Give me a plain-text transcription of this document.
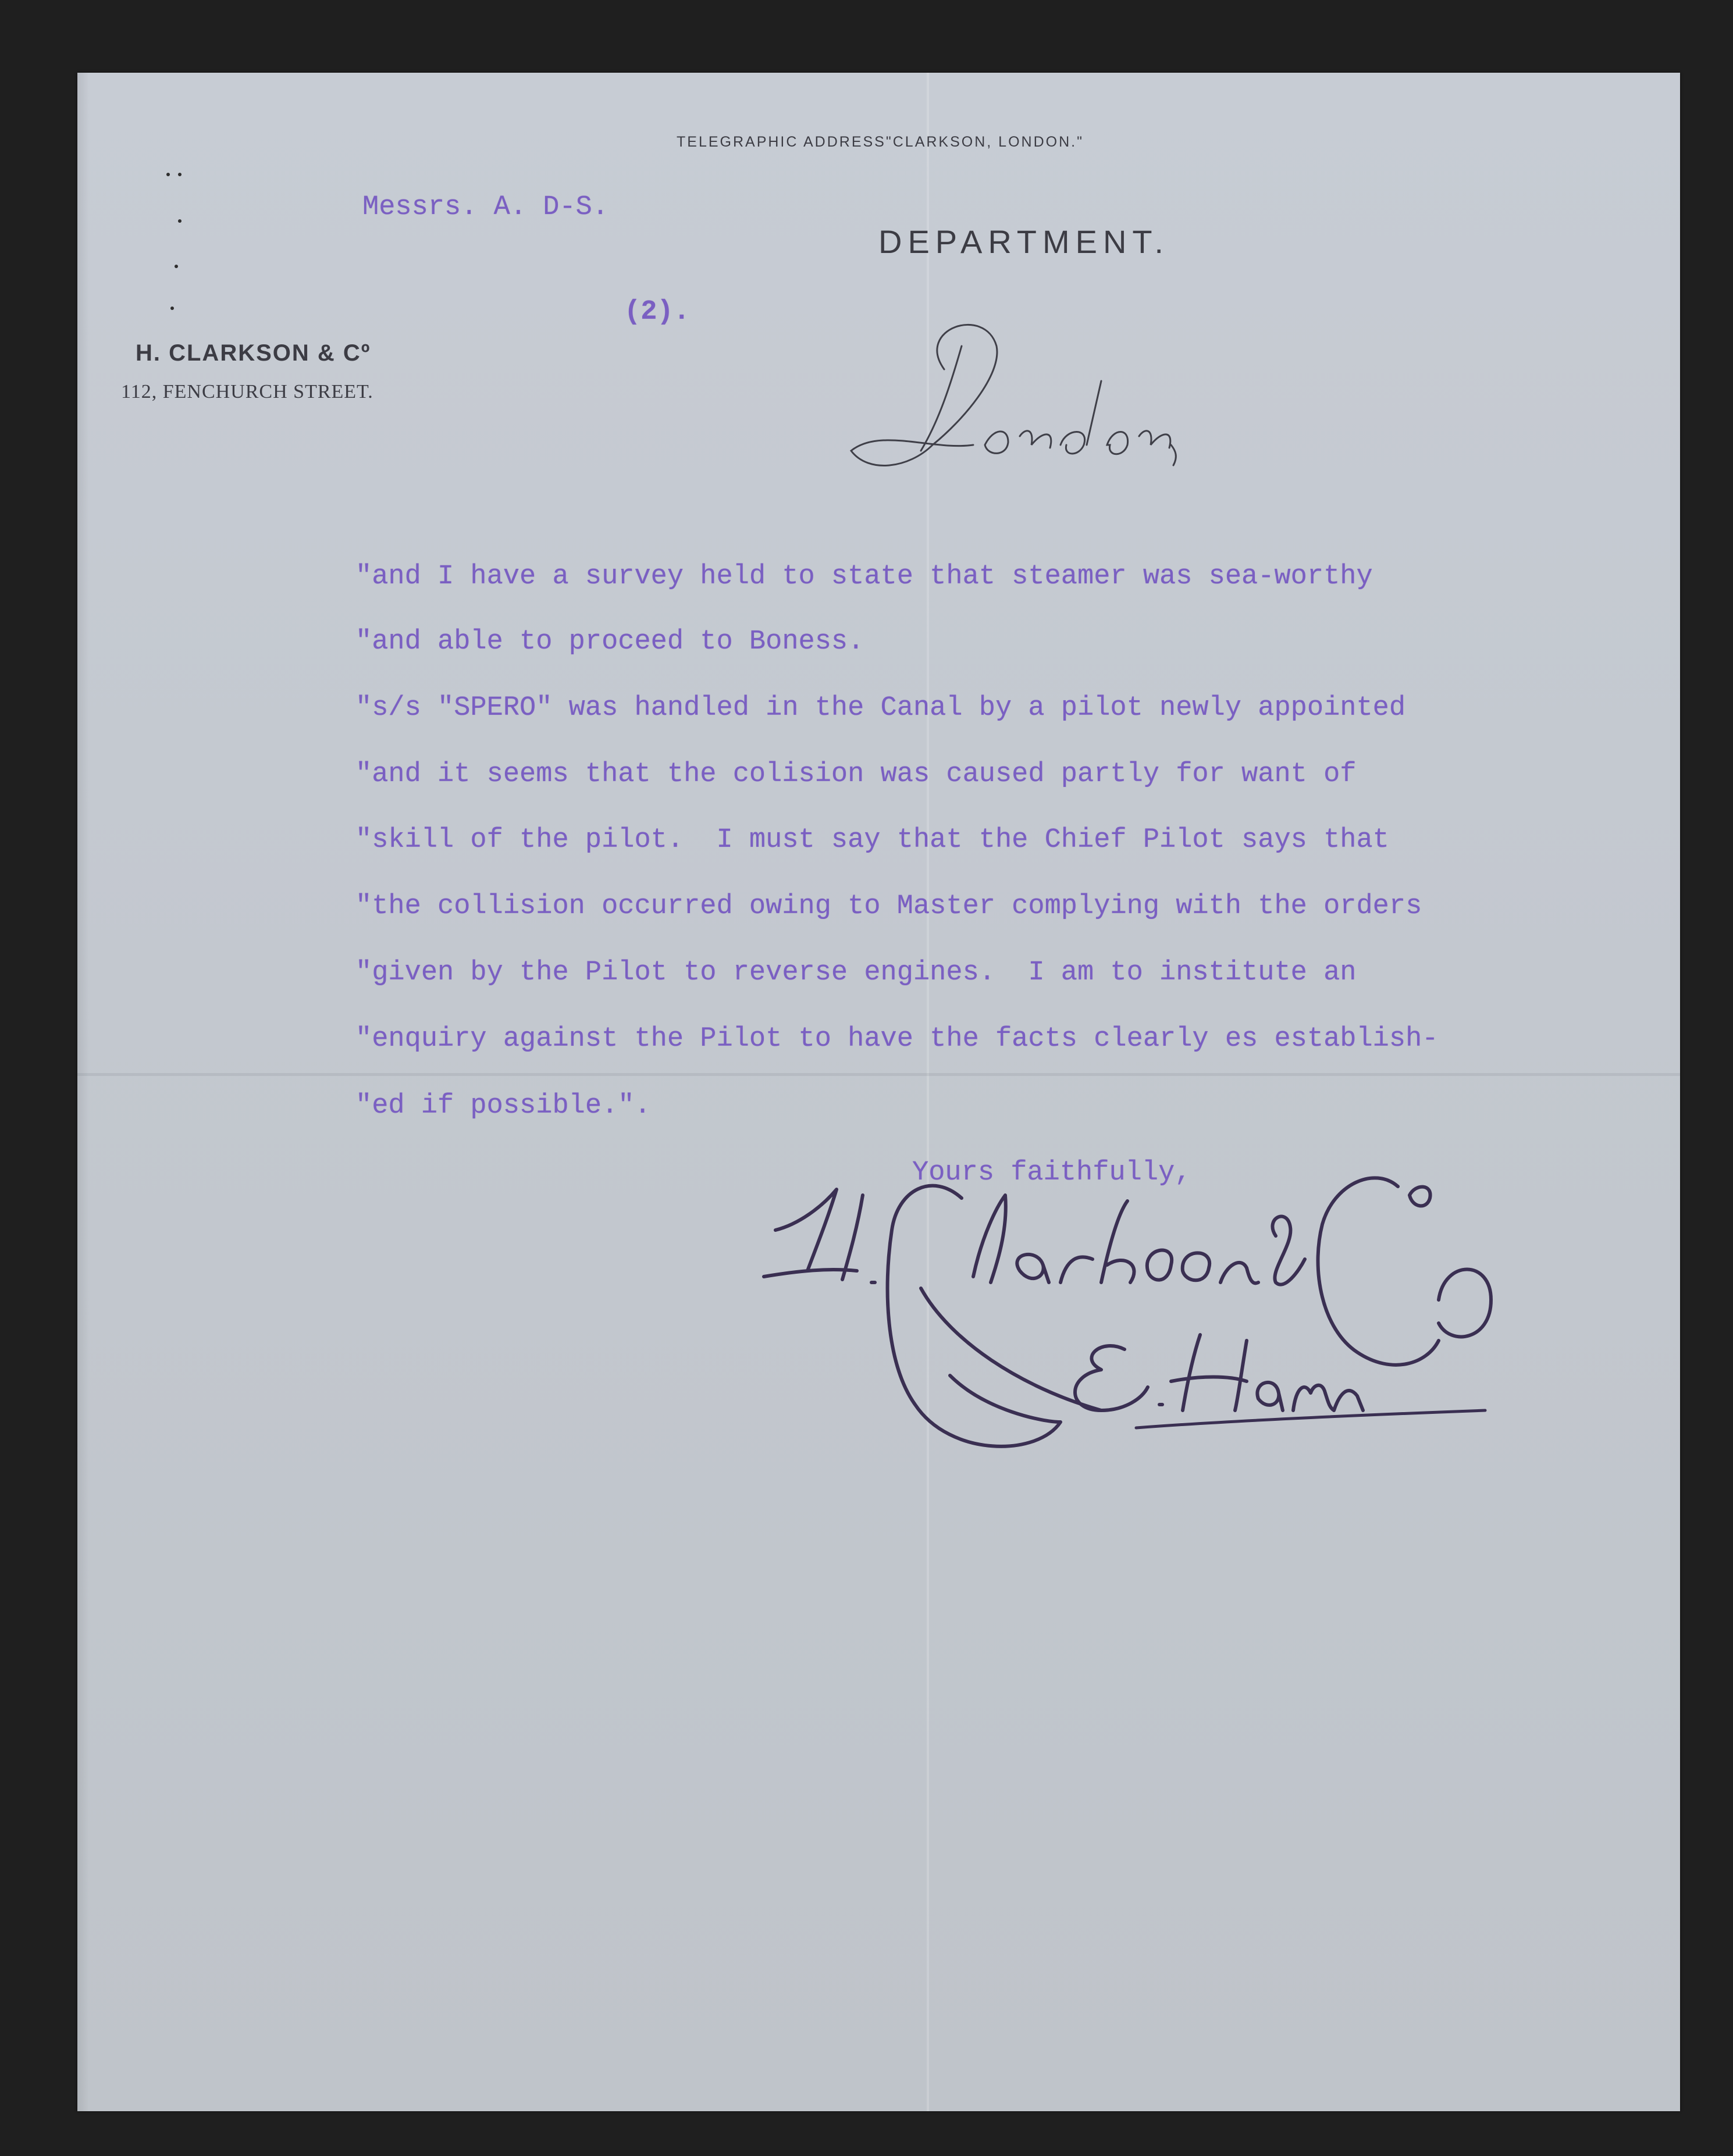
TELEGRAPHIC ADDRESS"CLARKSON, LONDON."
DEPARTMENT.
H. CLARKSON & Cº
112, FENCHURCH STREET.
Messrs. A. D-S.
(2).
"and I have a survey held to state that steamer was sea-worthy
"and able to proceed to Boness.
"s/s "SPERO" was handled in the Canal by a pilot newly appointed
"and it seems that the colision was caused partly for want of
"skill of the pilot.  I must say that the Chief Pilot says that
"the collision occurred owing to Master complying with the orders
"given by the Pilot to reverse engines.  I am to institute an
"enquiry against the Pilot to have the facts clearly es establish-
"ed if possible.".
Yours faithfully,
